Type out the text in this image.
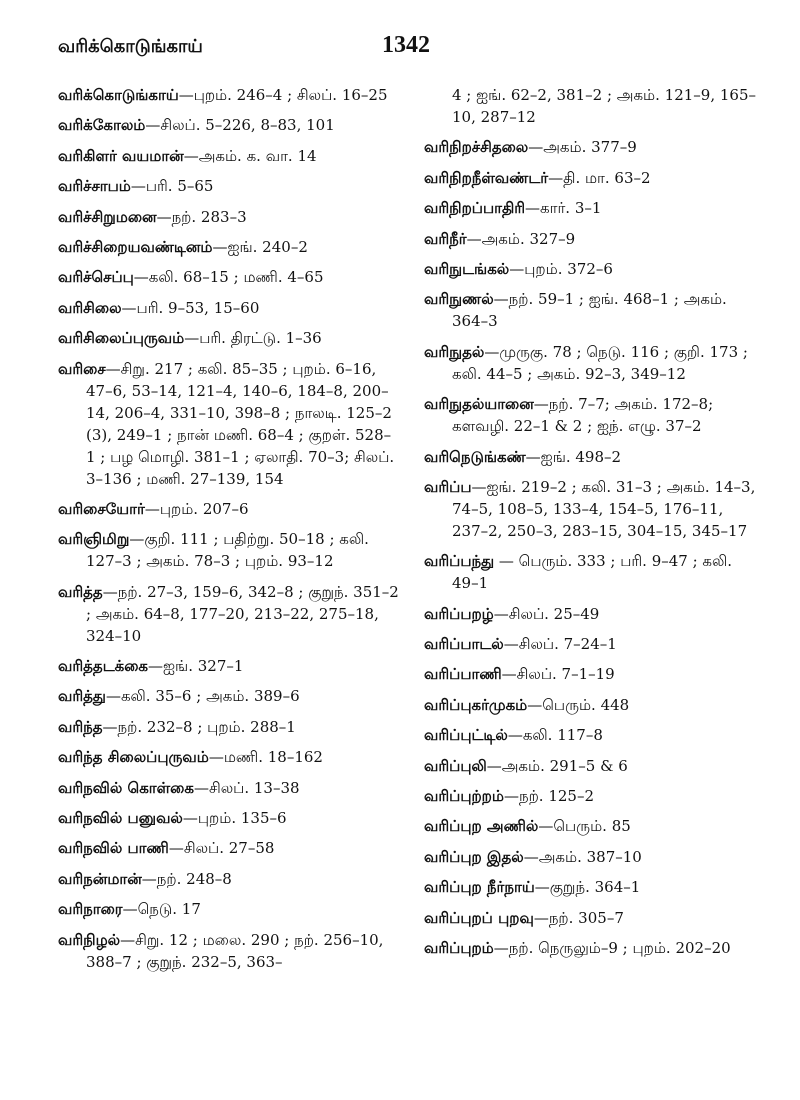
வரிக்கொடுங்காய்	1342
வரிக்கொடுங்காய்—புறம். 246–4 ; சிலப். 16–25
வரிக்கோலம்—சிலப். 5–226, 8–83, 101
வரிகிளர் வயமான்—அகம். க. வா. 14
வரிச்சாபம்—பரி. 5–65
வரிச்சிறுமனை—நற். 283–3
வரிச்சிறையவண்டினம்—ஐங். 240–2
வரிச்செப்பு—கலி. 68–15 ; மணி. 4–65
வரிசிலை—பரி. 9–53, 15–60
வரிசிலைப்புருவம்—பரி. திரட்டு. 1–36
வரிசை—சிறு. 217 ; கலி. 85–35 ; புறம். 6–16, 47–6, 53–14, 121–4, 140–6, 184–8, 200–14, 206–4, 331–10, 398–8 ; நாலடி. 125–2 (3), 249–1 ; நான் மணி. 68–4 ; குறள். 528–1 ; பழ மொழி. 381–1 ; ஏலாதி. 70–3; சிலப். 3–136 ; மணி. 27–139, 154
வரிசையோர்—புறம். 207–6
வரிஞிமிறு—குறி. 111 ; பதிற்று. 50–18 ; கலி. 127–3 ; அகம். 78–3 ; புறம். 93–12
வரித்த—நற். 27–3, 159–6, 342–8 ; குறுந். 351–2 ; அகம். 64–8, 177–20, 213–22, 275–18, 324–10
வரித்தடக்கை—ஐங். 327–1
வரித்து—கலி. 35–6 ; அகம். 389–6
வரிந்த—நற். 232–8 ; புறம். 288–1
வரிந்த சிலைப்புருவம்—மணி. 18–162
வரிநவில் கொள்கை—சிலப். 13–38
வரிநவில் பனுவல்—புறம். 135–6
வரிநவில் பாணி—சிலப். 27–58
வரிநன்மான்—நற். 248–8
வரிநாரை—நெடு. 17
வரிநிழல்—சிறு. 12 ; மலை. 290 ; நற். 256–10, 388–7 ; குறுந். 232–5, 363–
4 ; ஐங். 62–2, 381–2 ; அகம். 121–9, 165–10, 287–12
வரிநிறச்சிதலை—அகம். 377–9
வரிநிறநீள்வண்டர்—தி. மா. 63–2
வரிநிறப்பாதிரி—கார். 3–1
வரிநீர்—அகம். 327–9
வரிநுடங்கல்—புறம். 372–6
வரிநுணல்—நற். 59–1 ; ஐங். 468–1 ; அகம். 364–3
வரிநுதல்—முருகு. 78 ; நெடு. 116 ; குறி. 173 ; கலி. 44–5 ; அகம். 92–3, 349–12
வரிநுதல்யானை—நற். 7–7; அகம். 172–8; களவழி. 22–1 & 2 ; ஐந். எழு. 37–2
வரிநெடுங்கண்—ஐங். 498–2
வரிப்ப—ஐங். 219–2 ; கலி. 31–3 ; அகம். 14–3, 74–5, 108–5, 133–4, 154–5, 176–11, 237–2, 250–3, 283–15, 304–15, 345–17
வரிப்பந்து — பெரும். 333 ; பரி. 9–47 ; கலி. 49–1
வரிப்பறழ்—சிலப். 25–49
வரிப்பாடல்—சிலப். 7–24–1
வரிப்பாணி—சிலப். 7–1–19
வரிப்புகர்முகம்—பெரும். 448
வரிப்புட்டில்—கலி. 117–8
வரிப்புலி—அகம். 291–5 & 6
வரிப்புற்றம்—நற். 125–2
வரிப்புற அணில்—பெரும். 85
வரிப்புற இதல்—அகம். 387–10
வரிப்புற நீர்நாய்—குறுந். 364–1
வரிப்புறப் புறவு—நற். 305–7
வரிப்புறம்—நற். நெருலும்–9 ; புறம். 202–20
